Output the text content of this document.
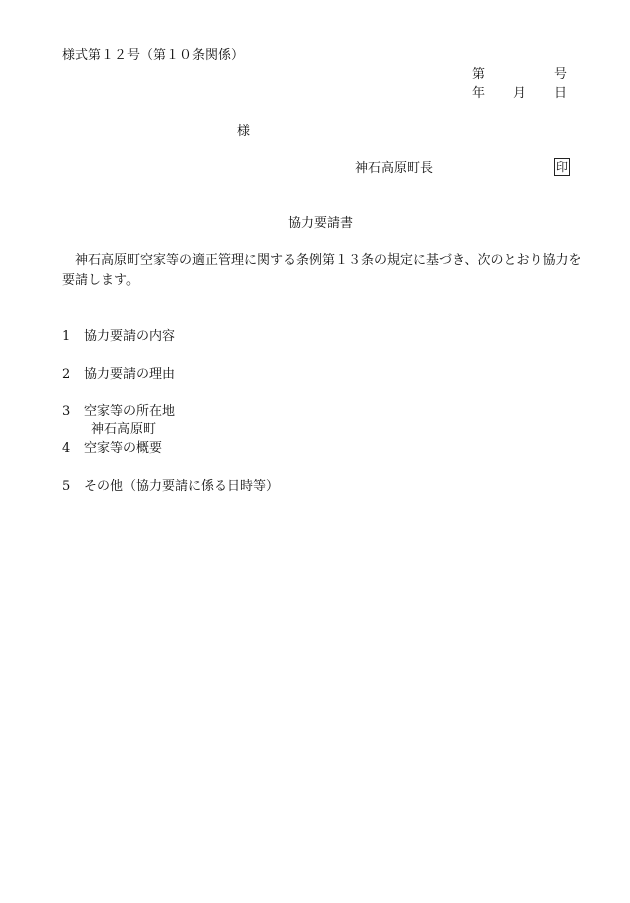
様式第１２号（第１０条関係）
第	号
年 月 日
様
神石高原町長	印
協力要請書
神石高原町空家等の適正管理に関する条例第１３条の規定に基づき、次のとおり協力を要請します。
1 協力要請の内容
2 協力要請の理由
3 空家等の所在地
神石高原町
4 空家等の概要
5 その他（協力要請に係る日時等）
